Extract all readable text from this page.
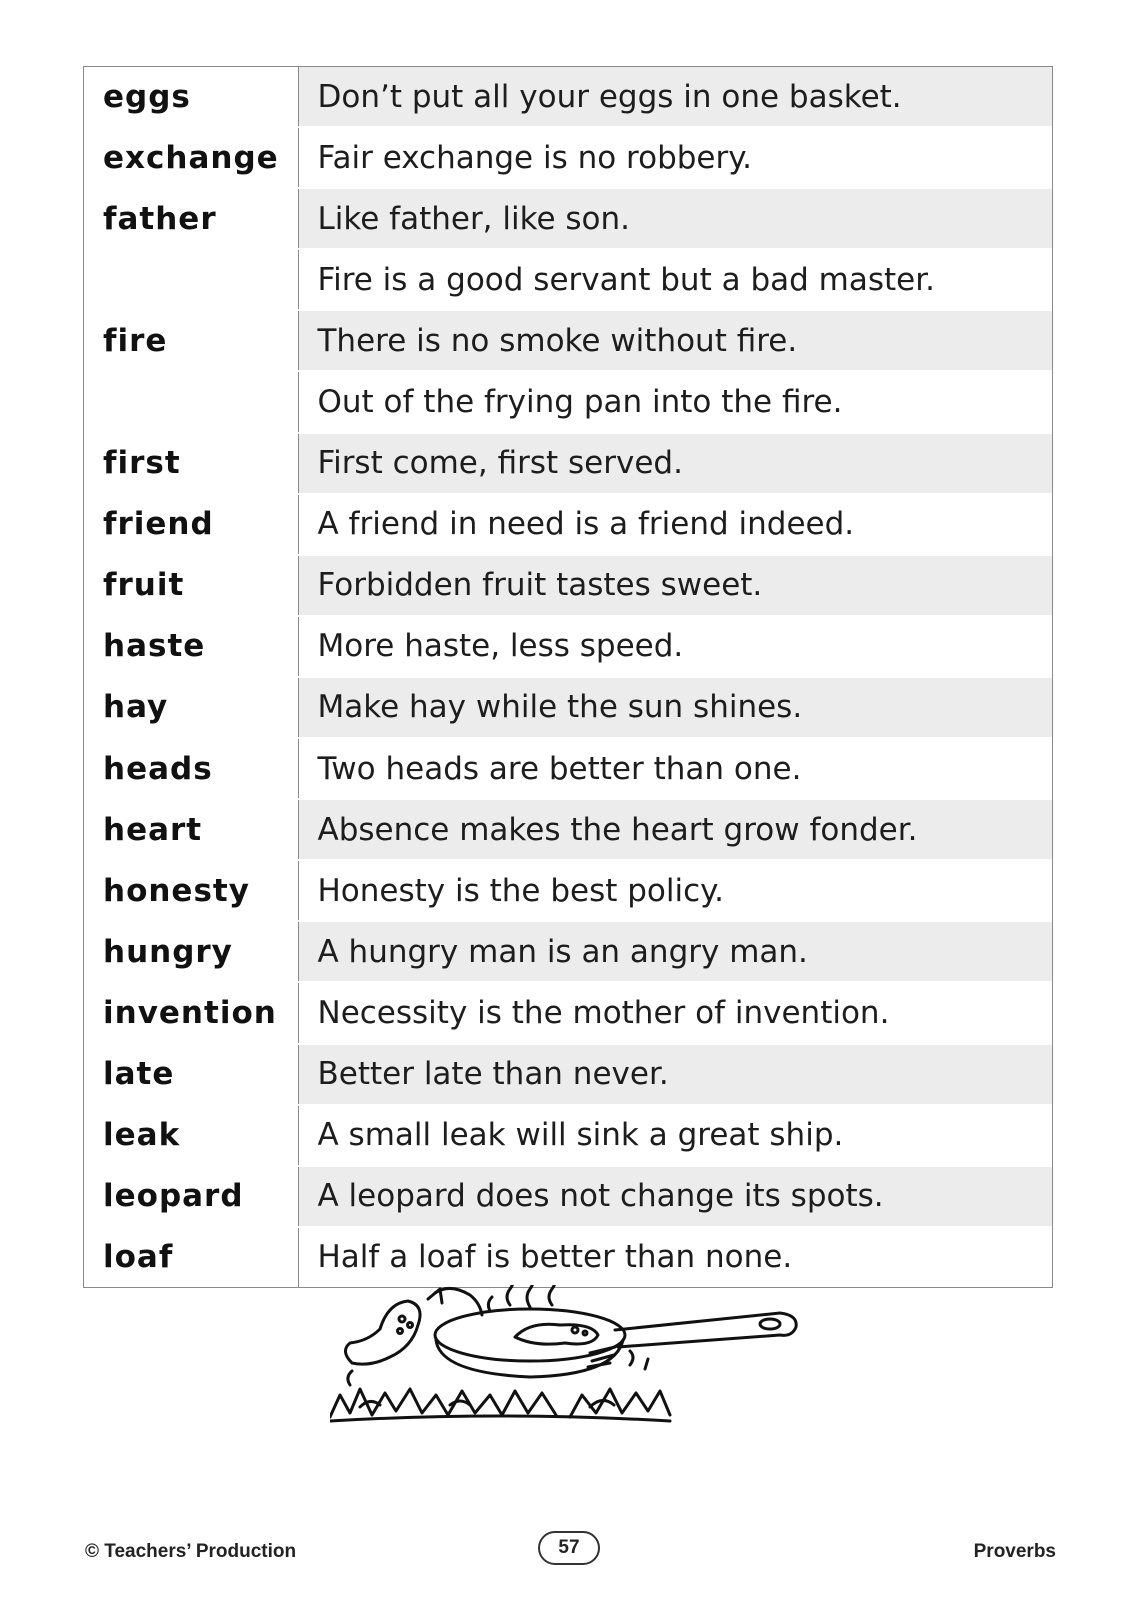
eggs	Don’t put all your eggs in one basket.
exchange	Fair exchange is no robbery.
father	Like father, like son.
fire	Fire is a good servant but a bad master.
	There is no smoke without fire.
	Out of the frying pan into the fire.
first	First come, first served.
friend	A friend in need is a friend indeed.
fruit	Forbidden fruit tastes sweet.
haste	More haste, less speed.
hay	Make hay while the sun shines.
heads	Two heads are better than one.
heart	Absence makes the heart grow fonder.
honesty	Honesty is the best policy.
hungry	A hungry man is an angry man.
invention	Necessity is the mother of invention.
late	Better late than never.
leak	A small leak will sink a great ship.
leopard	A leopard does not change its spots.
loaf	Half a loaf is better than none.
© Teachers’ Production	57	Proverbs
